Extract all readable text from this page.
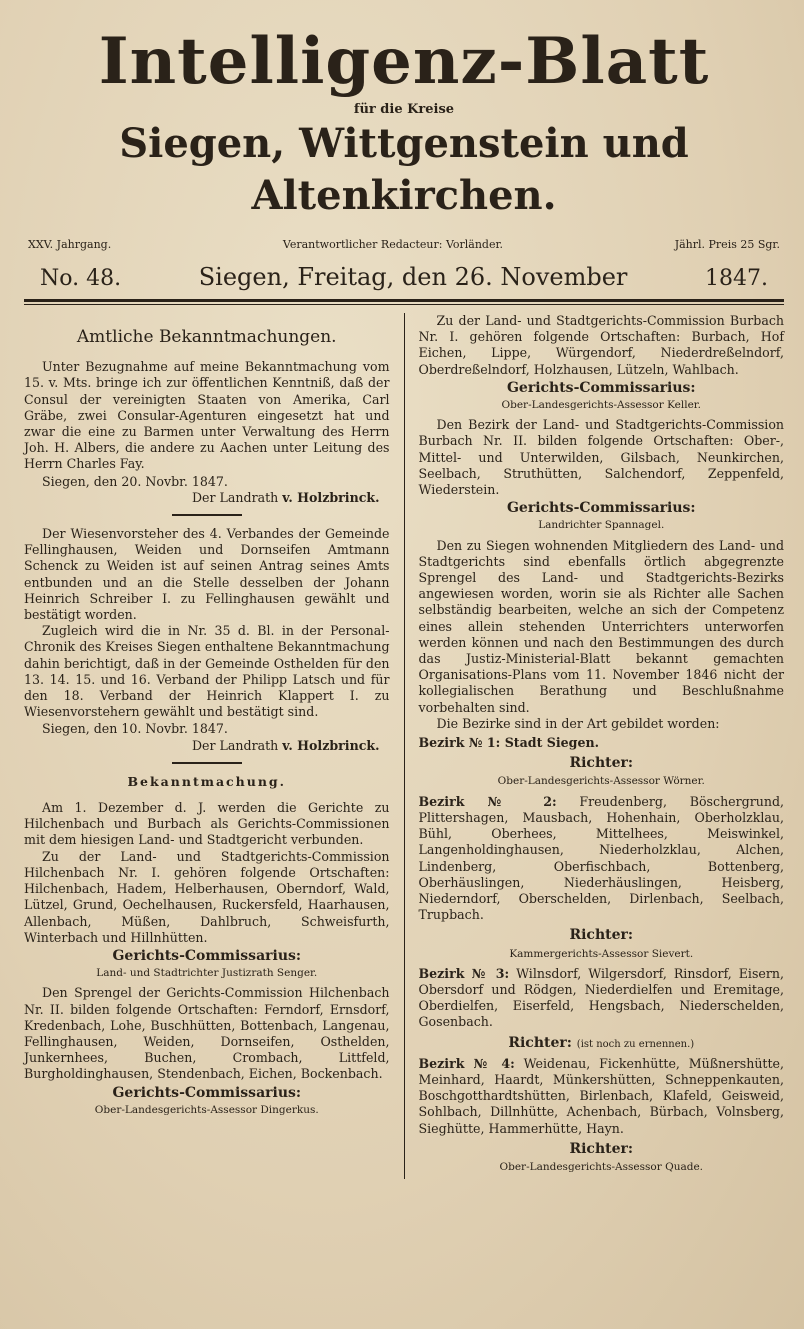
Intelligenz-Blatt
für die Kreise
Siegen, Wittgenstein und Altenkirchen.
XXV. Jahrgang.	Verantwortlicher Redacteur: Vorländer.	Jährl. Preis 25 Sgr.
No. 48.	Siegen, Freitag, den 26. November	1847.
Amtliche Bekanntmachungen.

Unter Bezugnahme auf meine Bekanntmachung vom 15. v. Mts. bringe ich zur öffentlichen Kenntniß, daß der Consul der vereinigten Staaten von Amerika, Carl Gräbe, zwei Consular-Agenturen eingesetzt hat und zwar die eine zu Barmen unter Verwaltung des Herrn Joh. H. Albers, die andere zu Aachen unter Leitung des Herrn Charles Fay.

Siegen, den 20. Novbr. 1847.
Der Landrath v. Holzbrinck.

Der Wiesenvorsteher des 4. Verbandes der Gemeinde Fellinghausen, Weiden und Dornseifen Amtmann Schenck zu Weiden ist auf seinen Antrag seines Amts entbunden und an die Stelle desselben der Johann Heinrich Schreiber I. zu Fellinghausen gewählt und bestätigt worden.

Zugleich wird die in Nr. 35 d. Bl. in der Personal-Chronik des Kreises Siegen enthaltene Bekanntmachung dahin berichtigt, daß in der Gemeinde Osthelden für den 13. 14. 15. und 16. Verband der Philipp Latsch und für den 18. Verband der Heinrich Klappert I. zu Wiesenvorstehern gewählt und bestätigt sind.

Siegen, den 10. Novbr. 1847.
Der Landrath v. Holzbrinck.
Bekanntmachung.

Am 1. Dezember d. J. werden die Gerichte zu Hilchenbach und Burbach als Gerichts-Commissionen mit dem hiesigen Land- und Stadtgericht verbunden.

Zu der Land- und Stadtgerichts-Commission Hilchenbach Nr. I. gehören folgende Ortschaften: Hilchenbach, Hadem, Helberhausen, Oberndorf, Wald, Lützel, Grund, Oechelhausen, Ruckersfeld, Haarhausen, Allenbach, Müßen, Dahlbruch, Schweisfurth, Winterbach und Hillnhütten.

Gerichts-Commissarius:
Land- und Stadtrichter Justizrath Senger.

Den Sprengel der Gerichts-Commission Hilchenbach Nr. II. bilden folgende Ortschaften: Ferndorf, Ernsdorf, Kredenbach, Lohe, Buschhütten, Bottenbach, Langenau, Fellinghausen, Weiden, Dornseifen, Osthelden, Junkernhees, Buchen, Crombach, Littfeld, Burgholdinghausen, Stendenbach, Eichen, Bockenbach.

Gerichts-Commissarius:
Ober-Landesgerichts-Assessor Dingerkus.

Zu der Land- und Stadtgerichts-Commission Burbach Nr. I. gehören folgende Ortschaften: Burbach, Hof Eichen, Lippe, Würgendorf, Niederdreßelndorf, Oberdreßelndorf, Holzhausen, Lützeln, Wahlbach.

Gerichts-Commissarius:
Ober-Landesgerichts-Assessor Keller.

Den Bezirk der Land- und Stadtgerichts-Commission Burbach Nr. II. bilden folgende Ortschaften: Ober-, Mittel- und Unterwilden, Gilsbach, Neunkirchen, Seelbach, Struthütten, Salchendorf, Zeppenfeld, Wiederstein.

Gerichts-Commissarius:
Landrichter Spannagel.

Den zu Siegen wohnenden Mitgliedern des Land- und Stadtgerichts sind ebenfalls örtlich abgegrenzte Sprengel des Land- und Stadtgerichts-Bezirks angewiesen worden, worin sie als Richter alle Sachen selbständig bearbeiten, welche an sich der Competenz eines allein stehenden Unterrichters unterworfen werden können und nach den Bestimmungen des durch das Justiz-Ministerial-Blatt bekannt gemachten Organisations-Plans vom 11. November 1846 nicht der kollegialischen Berathung und Beschlußnahme vorbehalten sind.

Die Bezirke sind in der Art gebildet worden:

Bezirk № 1: Stadt Siegen.
Richter:
Ober-Landesgerichts-Assessor Wörner.
Bezirk № 2: Freudenberg, Böschergrund, Plittershagen, Mausbach, Hohenhain, Oberholzklau, Bühl, Oberhees, Mittelhees, Meiswinkel, Langenholdinghausen, Niederholzklau, Alchen, Lindenberg, Oberfischbach, Bottenberg, Oberhäuslingen, Niederhäuslingen, Heisberg, Niederndorf, Oberschelden, Dirlenbach, Seelbach, Trupbach.
Richter:
Kammergerichts-Assessor Sievert.
Bezirk № 3: Wilnsdorf, Wilgersdorf, Rinsdorf, Eisern, Obersdorf und Rödgen, Niederdielfen und Eremitage, Oberdielfen, Eiserfeld, Hengsbach, Niederschelden, Gosenbach.
Richter: (ist noch zu ernennen.)
Bezirk № 4: Weidenau, Fickenhütte, Müßnershütte, Meinhard, Haardt, Münkershütten, Schneppenkauten, Boschgotthardtshütten, Birlenbach, Klafeld, Geisweid, Sohlbach, Dillnhütte, Achenbach, Bürbach, Volnsberg, Sieghütte, Hammerhütte, Hayn.
Richter:
Ober-Landesgerichts-Assessor Quade.
